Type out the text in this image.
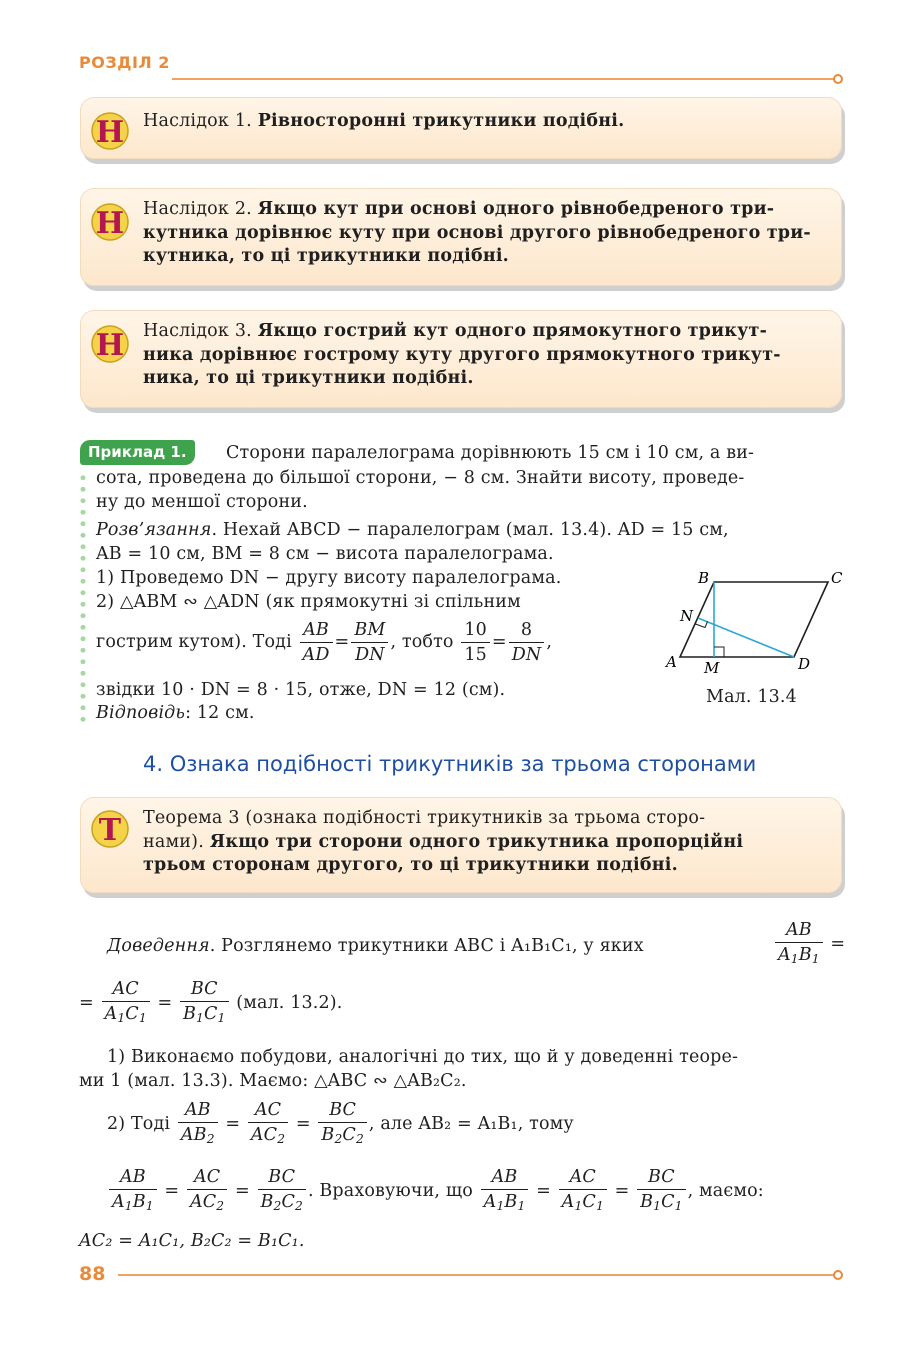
РОЗДІЛ 2
Н Наслідок 1. Рівносторонні трикутники подібні.
Н Наслідок 2. Якщо кут при основі одного рівнобедреного три-
кутника дорівнює куту при основі другого рівнобедреного три-
кутника, то ці трикутники подібні.
Н Наслідок 3. Якщо гострий кут одного прямокутного трикут-
ника дорівнює гострому куту другого прямокутного трикут-
ника, то ці трикутники подібні.
Приклад 1.	Сторони паралелограма дорівнюють 15 см і 10 см, а ви-
сота, проведена до більшої сторони, − 8 см. Знайти висоту, проведе-
ну до меншої сторони.
Розв’язання. Нехай ABCD − паралелограм (мал. 13.4). AD = 15 см,
AB = 10 см, BM = 8 см − висота паралелограма.
1) Проведемо DN − другу висоту паралелограма.
2) △ABM ∾ △ADN (як прямокутні зі спільним
гострим кутом). Тоді $\frac{AB}{AD} = \frac{BM}{DN}$ , тобто $\frac{10}{15} = \frac{8}{DN}$ ,
звідки 10 · DN = 8 · 15, отже, DN = 12 (см).
Відповідь: 12 см.
B	C
A	D
M
N
Мал. 13.4
4. Ознака подібності трикутників за трьома сторонами
Т Теорема 3 (ознака подібності трикутників за трьома сторо-
нами). Якщо три сторони одного трикутника пропорційні
трьом сторонам другого, то ці трикутники подібні.
Доведення. Розглянемо трикутники ABC і A₁B₁C₁, у яких	$\frac{AB}{A_1B_1}$ =
= $\frac{AC}{A_1C_1} = \frac{BC}{B_1C_1} (мал$. 13.2).
1) Виконаємо побудови, аналогічні до тих, що й у доведенні теоре-
ми 1 (мал. 13.3). Маємо: △ABC ∾ △AB₂C₂.
2) Тоді $\frac{AB}{AB_2} = \frac{AC}{AC_2} = \frac{BC}{B_2C_2}$ , але AB₂ = A₁B₁, тому
$\frac{AB}{A_1B_1} = \frac{AC}{AC_2} = \frac{BC}{B_2C_2}$ . Враховуючи, що $\frac{AB}{A_1B_1} = \frac{AC}{A_1C_1} = \frac{BC}{B_1C_1}$ , маємо:
AC₂ = A₁C₁, B₂C₂ = B₁C₁.
88
